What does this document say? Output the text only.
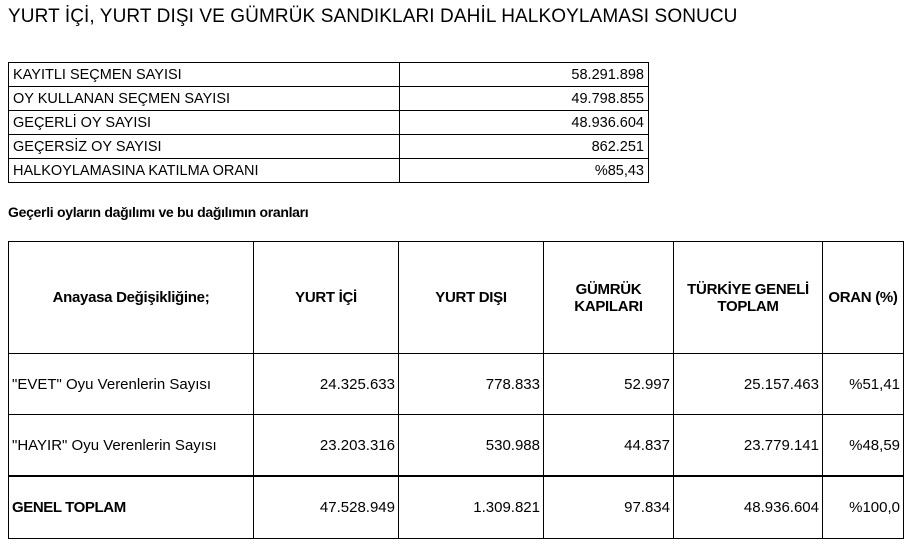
YURT İÇİ, YURT DIŞI VE GÜMRÜK SANDIKLARI DAHİL HALKOYLAMASI SONUCU
KAYITLI SEÇMEN SAYISI	58.291.898
OY KULLANAN SEÇMEN SAYISI	49.798.855
GEÇERLİ OY SAYISI	48.936.604
GEÇERSİZ OY SAYISI	862.251
HALKOYLAMASINA KATILMA ORANI	%85,43
Geçerli oyların dağılımı ve bu dağılımın oranları
Anayasa Değişikliğine;	YURT İÇİ	YURT DIŞI	GÜMRÜK KAPILARI	TÜRKİYE GENELİ TOPLAM	ORAN (%)
"EVET" Oyu Verenlerin Sayısı	24.325.633	778.833	52.997	25.157.463	%51,41
"HAYIR" Oyu Verenlerin Sayısı	23.203.316	530.988	44.837	23.779.141	%48,59
GENEL TOPLAM	47.528.949	1.309.821	97.834	48.936.604	%100,0
